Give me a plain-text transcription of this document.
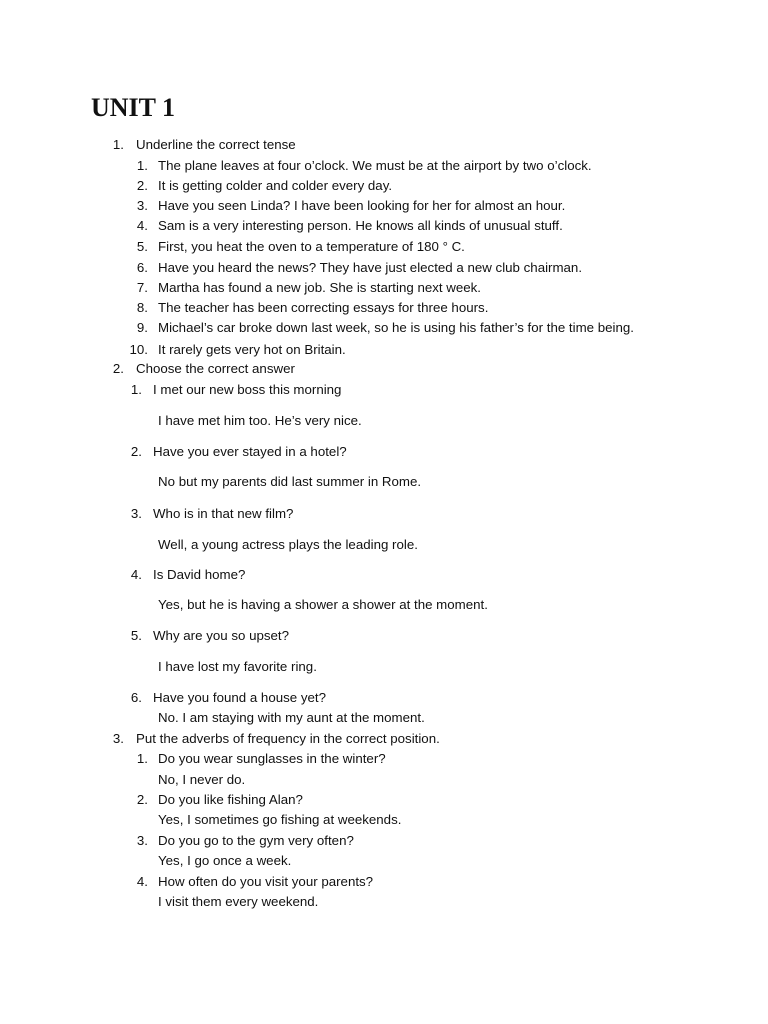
UNIT 1
1. Underline the correct tense
1. The plane leaves at four o’clock. We must be at the airport by two o’clock.
2. It is getting colder and colder every day.
3. Have you seen Linda? I have been looking for her for almost an hour.
4. Sam is a very interesting person. He knows all kinds of unusual stuff.
5. First, you heat the oven to a temperature of 180 ° C.
6. Have you heard the news? They have just elected a new club chairman.
7. Martha has found a new job. She is starting next week.
8. The teacher has been correcting essays for three hours.
9. Michael’s car broke down last week, so he is using his father’s for the time being.
10. It rarely gets very hot on Britain.
2. Choose the correct answer
1. I met our new boss this morning
I have met him too. He’s very nice.
2. Have you ever stayed in a hotel?
No but my parents did last summer in Rome.
3. Who is in that new film?
Well, a young actress plays the leading role.
4. Is David home?
Yes, but he is having a shower a shower at the moment.
5. Why are you so upset?
I have lost my favorite ring.
6. Have you found a house yet?
No. I am staying with my aunt at the moment.
3. Put the adverbs of frequency in the correct position.
1. Do you wear sunglasses in the winter?
No, I never do.
2. Do you like fishing Alan?
Yes, I sometimes go fishing at weekends.
3. Do you go to the gym very often?
Yes, I go once a week.
4. How often do you visit your parents?
I visit them every weekend.
